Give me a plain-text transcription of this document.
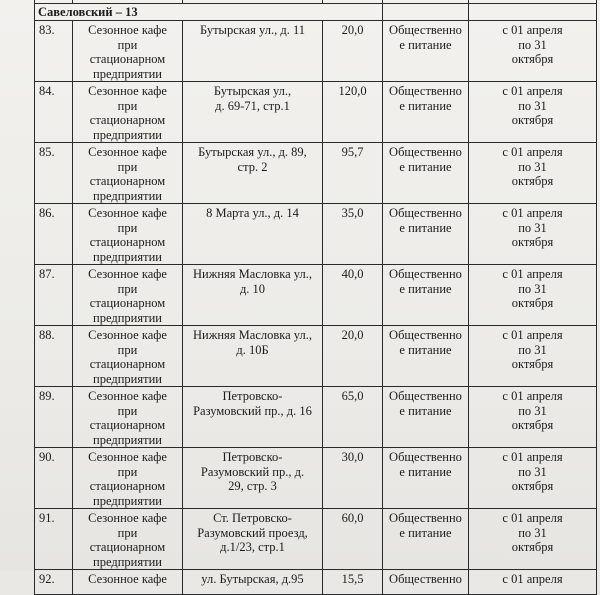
Савеловский – 13					
83.	Сезонное кафе
при
стационарном
предприятии	Бутырская ул., д. 11	20,0	Общественно
е питание	с 01 апреля
по 31
октября

84.	Сезонное кафе
при
стационарном
предприятии	Бутырская ул.,
д. 69-71, стр.1	120,0	Общественно
е питание	с 01 апреля
по 31
октября

85.	Сезонное кафе
при
стационарном
предприятии	Бутырская ул., д. 89,
стр. 2	95,7	Общественно
е питание	с 01 апреля
по 31
октября

86.	Сезонное кафе
при
стационарном
предприятии	8 Марта ул., д. 14	35,0	Общественно
е питание	с 01 апреля
по 31
октября

87.	Сезонное кафе
при
стационарном
предприятии	Нижняя Масловка ул.,
д. 10	40,0	Общественно
е питание	с 01 апреля
по 31
октября

88.	Сезонное кафе
при
стационарном
предприятии	Нижняя Масловка ул.,
д. 10Б	20,0	Общественно
е питание	с 01 апреля
по 31
октября

89.	Сезонное кафе
при
стационарном
предприятии	Петровско-
Разумовский пр., д. 16	65,0	Общественно
е питание	с 01 апреля
по 31
октября

90.	Сезонное кафе
при
стационарном
предприятии	Петровско-
Разумовский пр., д.
29, стр. 3	30,0	Общественно
е питание	с 01 апреля
по 31
октября

91.	Сезонное кафе
при
стационарном
предприятии	Ст. Петровско-
Разумовский проезд,
д.1/23, стр.1	60,0	Общественно
е питание	с 01 апреля
по 31
октября

92.	Сезонное кафе	ул. Бутырская, д.95	15,5	Общественно	с 01 апреля
